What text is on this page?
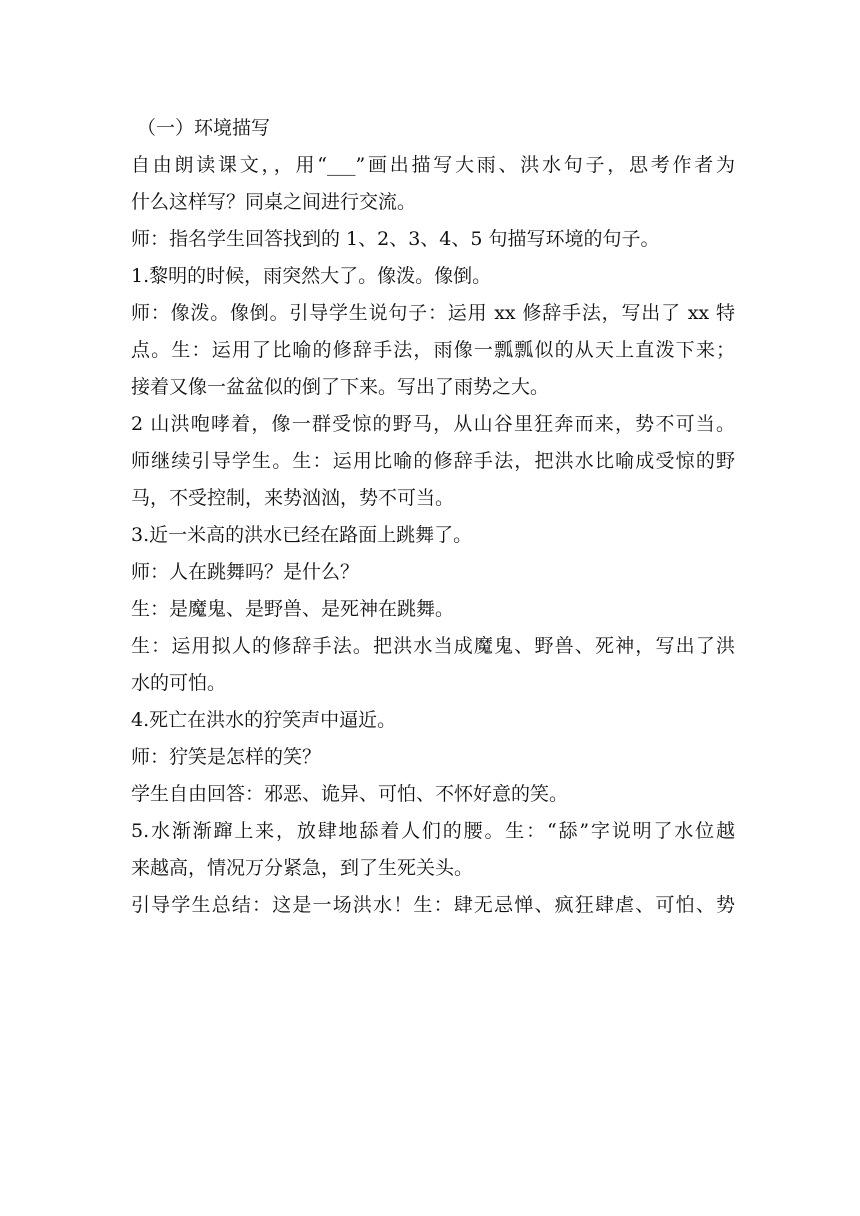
（一）环境描写
自由朗读课文，，用“___”画出描写大雨、洪水句子，思考作者为
什么这样写？同桌之间进行交流。
师：指名学生回答找到的 1、2、3、4、5 句描写环境的句子。
1.黎明的时候，雨突然大了。像泼。像倒。
师：像泼。像倒。引导学生说句子：运用 xx 修辞手法，写出了 xx 特
点。生：运用了比喻的修辞手法，雨像一瓢瓢似的从天上直泼下来；
接着又像一盆盆似的倒了下来。写出了雨势之大。
2 山洪咆哮着，像一群受惊的野马，从山谷里狂奔而来，势不可当。
师继续引导学生。生：运用比喻的修辞手法，把洪水比喻成受惊的野
马，不受控制，来势汹汹，势不可当。
3.近一米高的洪水已经在路面上跳舞了。
师：人在跳舞吗？是什么？
生：是魔鬼、是野兽、是死神在跳舞。
生：运用拟人的修辞手法。把洪水当成魔鬼、野兽、死神，写出了洪
水的可怕。
4.死亡在洪水的狞笑声中逼近。
师：狞笑是怎样的笑？
学生自由回答：邪恶、诡异、可怕、不怀好意的笑。
5.水渐渐蹿上来，放肆地舔着人们的腰。生：“舔”字说明了水位越
来越高，情况万分紧急，到了生死关头。
引导学生总结：这是一场洪水！生：肆无忌惮、疯狂肆虐、可怕、势
